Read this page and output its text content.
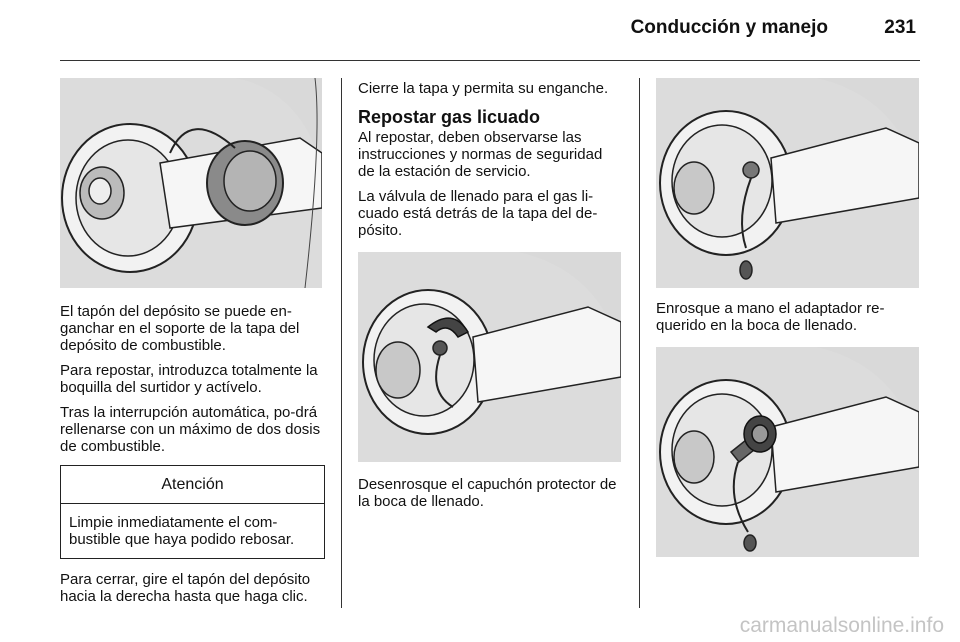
Conducción y manejo	231

El tapón del depósito se puede en-ganchar en el soporte de la tapa del depósito de combustible.

Para repostar, introduzca totalmente la boquilla del surtidor y actívelo.

Tras la interrupción automática, po-drá rellenarse con un máximo de dos dosis de combustible.

Atención
Limpie inmediatamente el com-bustible que haya podido rebosar.

Para cerrar, gire el tapón del depósito hacia la derecha hasta que haga clic.

Cierre la tapa y permita su enganche.

Repostar gas licuado

Al repostar, deben observarse las instrucciones y normas de seguridad de la estación de servicio.

La válvula de llenado para el gas li-cuado está detrás de la tapa del de-pósito.

Desenrosque el capuchón protector de la boca de llenado.

Enrosque a mano el adaptador re-querido en la boca de llenado.

carmanualsonline.info
